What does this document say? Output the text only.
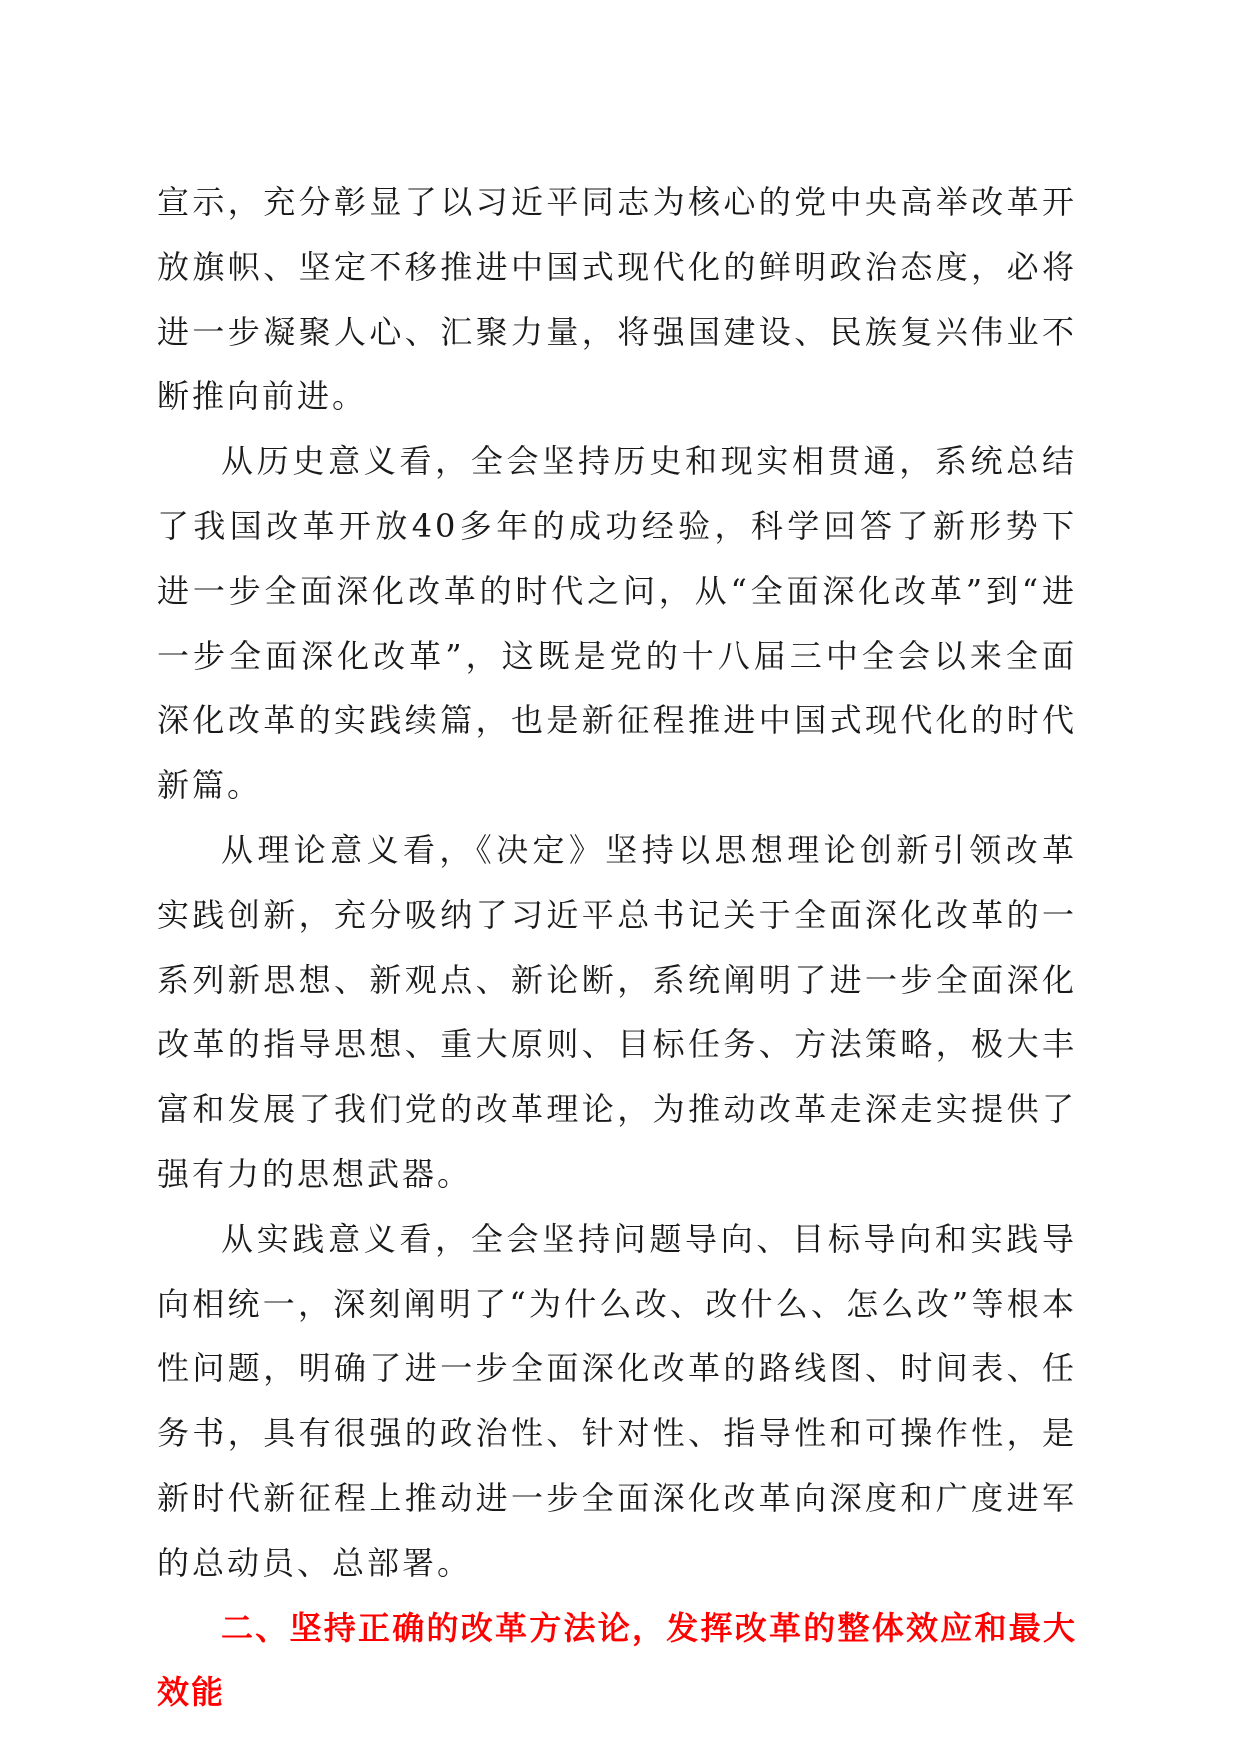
宣示，充分彰显了以习近平同志为核心的党中央高举改革开放旗帜、坚定不移推进中国式现代化的鲜明政治态度，必将进一步凝聚人心、汇聚力量，将强国建设、民族复兴伟业不断推向前进。

从历史意义看，全会坚持历史和现实相贯通，系统总结了我国改革开放40多年的成功经验，科学回答了新形势下进一步全面深化改革的时代之问，从“全面深化改革”到“进一步全面深化改革”，这既是党的十八届三中全会以来全面深化改革的实践续篇，也是新征程推进中国式现代化的时代新篇。

从理论意义看，《决定》坚持以思想理论创新引领改革实践创新，充分吸纳了习近平总书记关于全面深化改革的一系列新思想、新观点、新论断，系统阐明了进一步全面深化改革的指导思想、重大原则、目标任务、方法策略，极大丰富和发展了我们党的改革理论，为推动改革走深走实提供了强有力的思想武器。

从实践意义看，全会坚持问题导向、目标导向和实践导向相统一，深刻阐明了“为什么改、改什么、怎么改”等根本性问题，明确了进一步全面深化改革的路线图、时间表、任务书，具有很强的政治性、针对性、指导性和可操作性，是新时代新征程上推动进一步全面深化改革向深度和广度进军的总动员、总部署。

二、坚持正确的改革方法论，发挥改革的整体效应和最大效能
